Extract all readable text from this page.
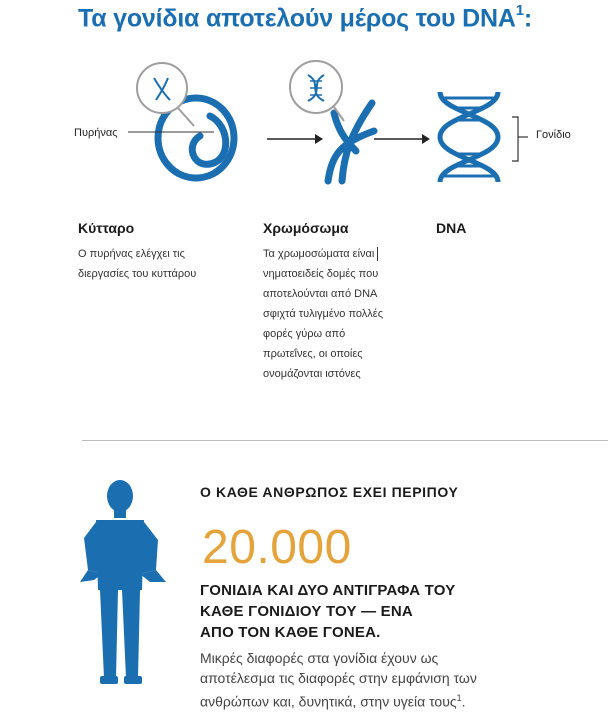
Τα γονίδια αποτελούν μέρος του DNA$^1$:
Πυρήνας	Γονίδιο
Κύτταρο
Ο πυρήνας ελέγχει τις
διεργασίες του κυττάρου
Χρωμόσωμα
Τα χρωμοσώματα είναι
νηματοειδείς δομές που
αποτελούνται από DNA
σφιχτά τυλιγμένο πολλές
φορές γύρω από
πρωτεΐνες, οι οποίες
ονομάζονται ιστόνες
DNA
Ο ΚΑΘΕ ΑΝΘΡΩΠΟΣ ΕΧΕΙ ΠΕΡΙΠΟΥ
20.000
ΓΟΝΙΔΙΑ ΚΑΙ ΔΥΟ ΑΝΤΙΓΡΑΦΑ ΤΟΥ
ΚΑΘΕ ΓΟΝΙΔΙΟΥ ΤΟΥ — ΕΝΑ
ΑΠΟ ΤΟΝ ΚΑΘΕ ΓΟΝΕΑ.
Μικρές διαφορές στα γονίδια έχουν ως
αποτέλεσμα τις διαφορές στην εμφάνιση των
ανθρώπων και, δυνητικά, στην υγεία τους$^1$.
